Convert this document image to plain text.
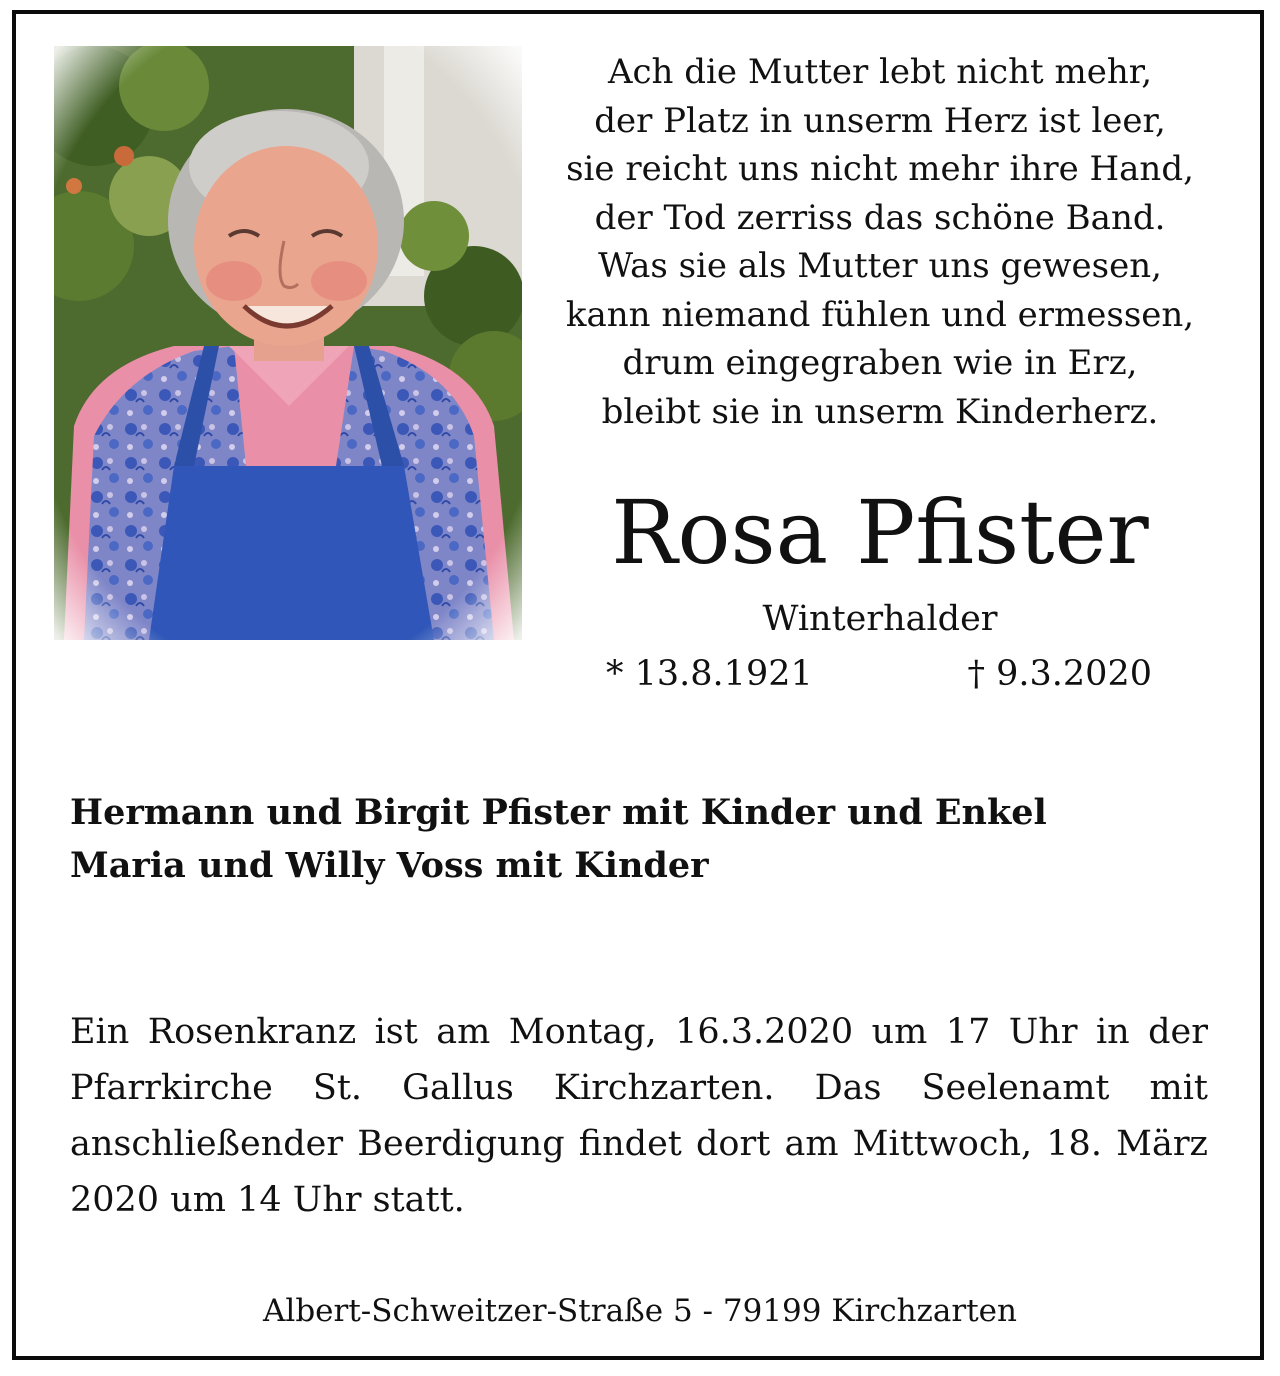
Ach die Mutter lebt nicht mehr,
der Platz in unserm Herz ist leer,
sie reicht uns nicht mehr ihre Hand,
der Tod zerriss das schöne Band.
Was sie als Mutter uns gewesen,
kann niemand fühlen und ermessen,
drum eingegraben wie in Erz,
bleibt sie in unserm Kinderherz.
Rosa Pfister
Winterhalder
* 13.8.1921	† 9.3.2020
Hermann und Birgit Pfister mit Kinder und Enkel
Maria und Willy Voss mit Kinder
Ein Rosenkranz ist am Montag, 16.3.2020 um 17 Uhr in der Pfarrkirche St. Gallus Kirchzarten. Das Seelenamt mit anschließender Beerdigung findet dort am Mittwoch, 18. März 2020 um 14 Uhr statt.
Albert-Schweitzer-Straße 5 - 79199 Kirchzarten
